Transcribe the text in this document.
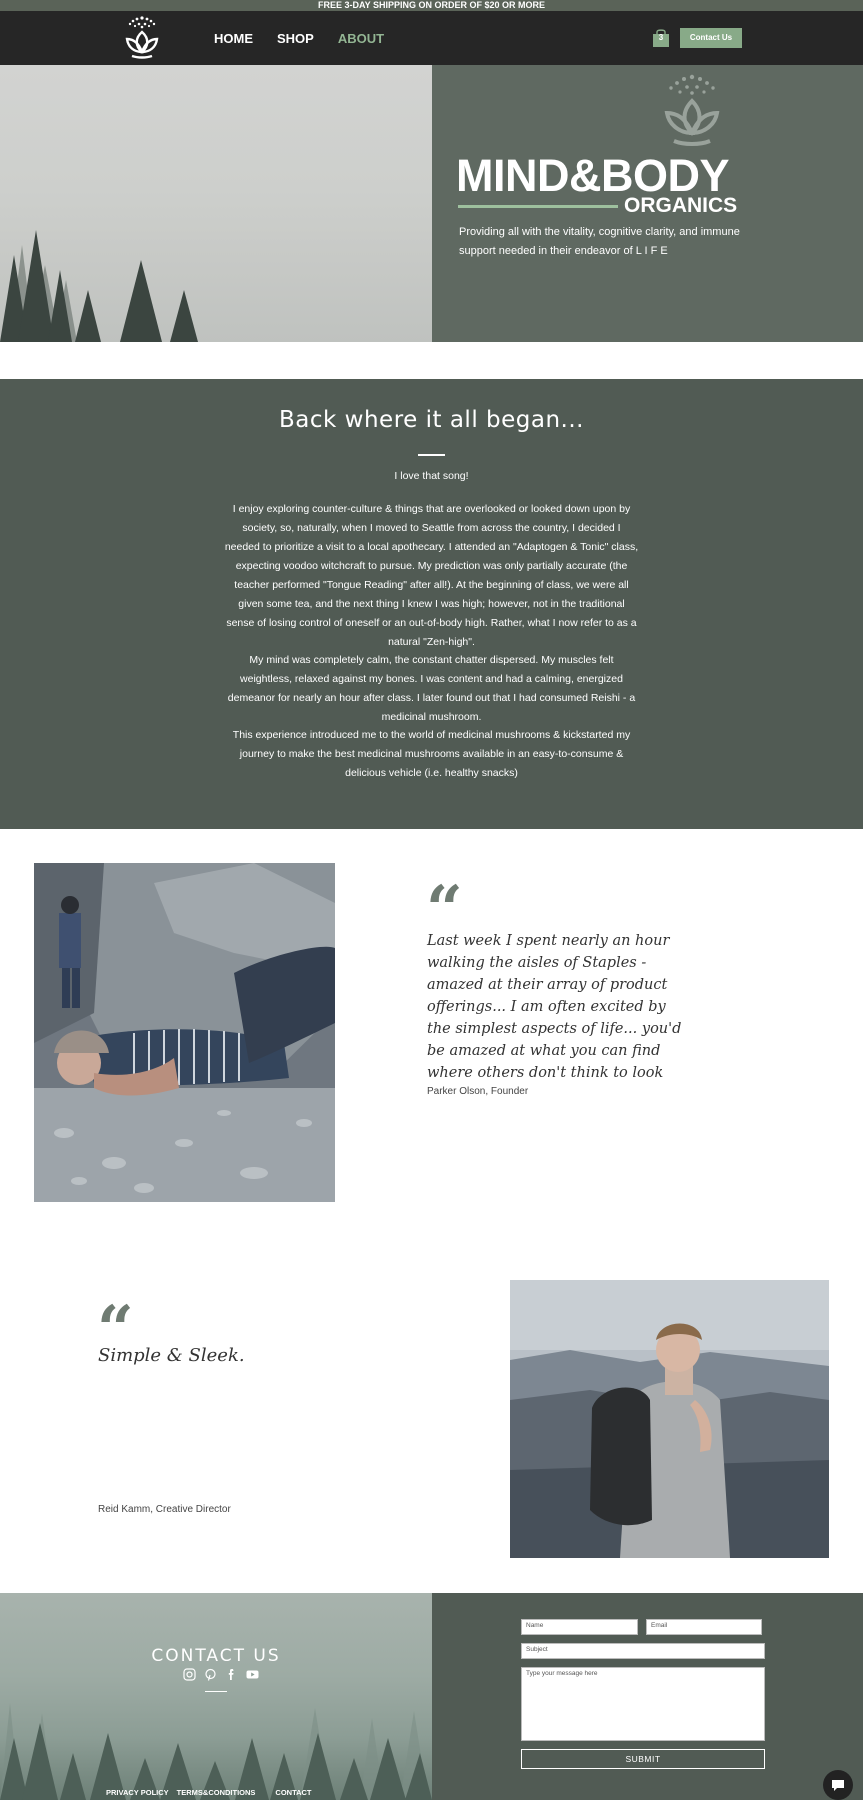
FREE 3-DAY SHIPPING ON ORDER OF $20 OR MORE
HOME SHOP ABOUT	3	Contact Us
MIND&BODY
ORGANICS
Providing all with the vitality, cognitive clarity, and immune support needed in their endeavor of L I F E
Back where it all began...
I love that song!
I enjoy exploring counter-culture & things that are overlooked or looked down upon by society, so, naturally, when I moved to Seattle from across the country, I decided I needed to prioritize a visit to a local apothecary. I attended an "Adaptogen & Tonic" class, expecting voodoo witchcraft to pursue. My prediction was only partially accurate (the teacher performed "Tongue Reading" after all!). At the beginning of class, we were all given some tea, and the next thing I knew I was high; however, not in the traditional sense of losing control of oneself or an out-of-body high. Rather, what I now refer to as a natural "Zen-high".
My mind was completely calm, the constant chatter dispersed. My muscles felt weightless, relaxed against my bones. I was content and had a calming, energized demeanor for nearly an hour after class. I later found out that I had consumed Reishi - a medicinal mushroom.
This experience introduced me to the world of medicinal mushrooms & kickstarted my journey to make the best medicinal mushrooms available in an easy-to-consume & delicious vehicle (i.e. healthy snacks)
“
Last week I spent nearly an hour walking the aisles of Staples - amazed at their array of product offerings... I am often excited by the simplest aspects of life... you'd be amazed at what you can find where others don't think to look
Parker Olson, Founder
“
Simple & Sleek.
Reid Kamm, Creative Director
CONTACT US
PRIVACY POLICY TERMS&CONDITIONS	CONTACT
Name	Email
Subject
Type your message here
SUBMIT
